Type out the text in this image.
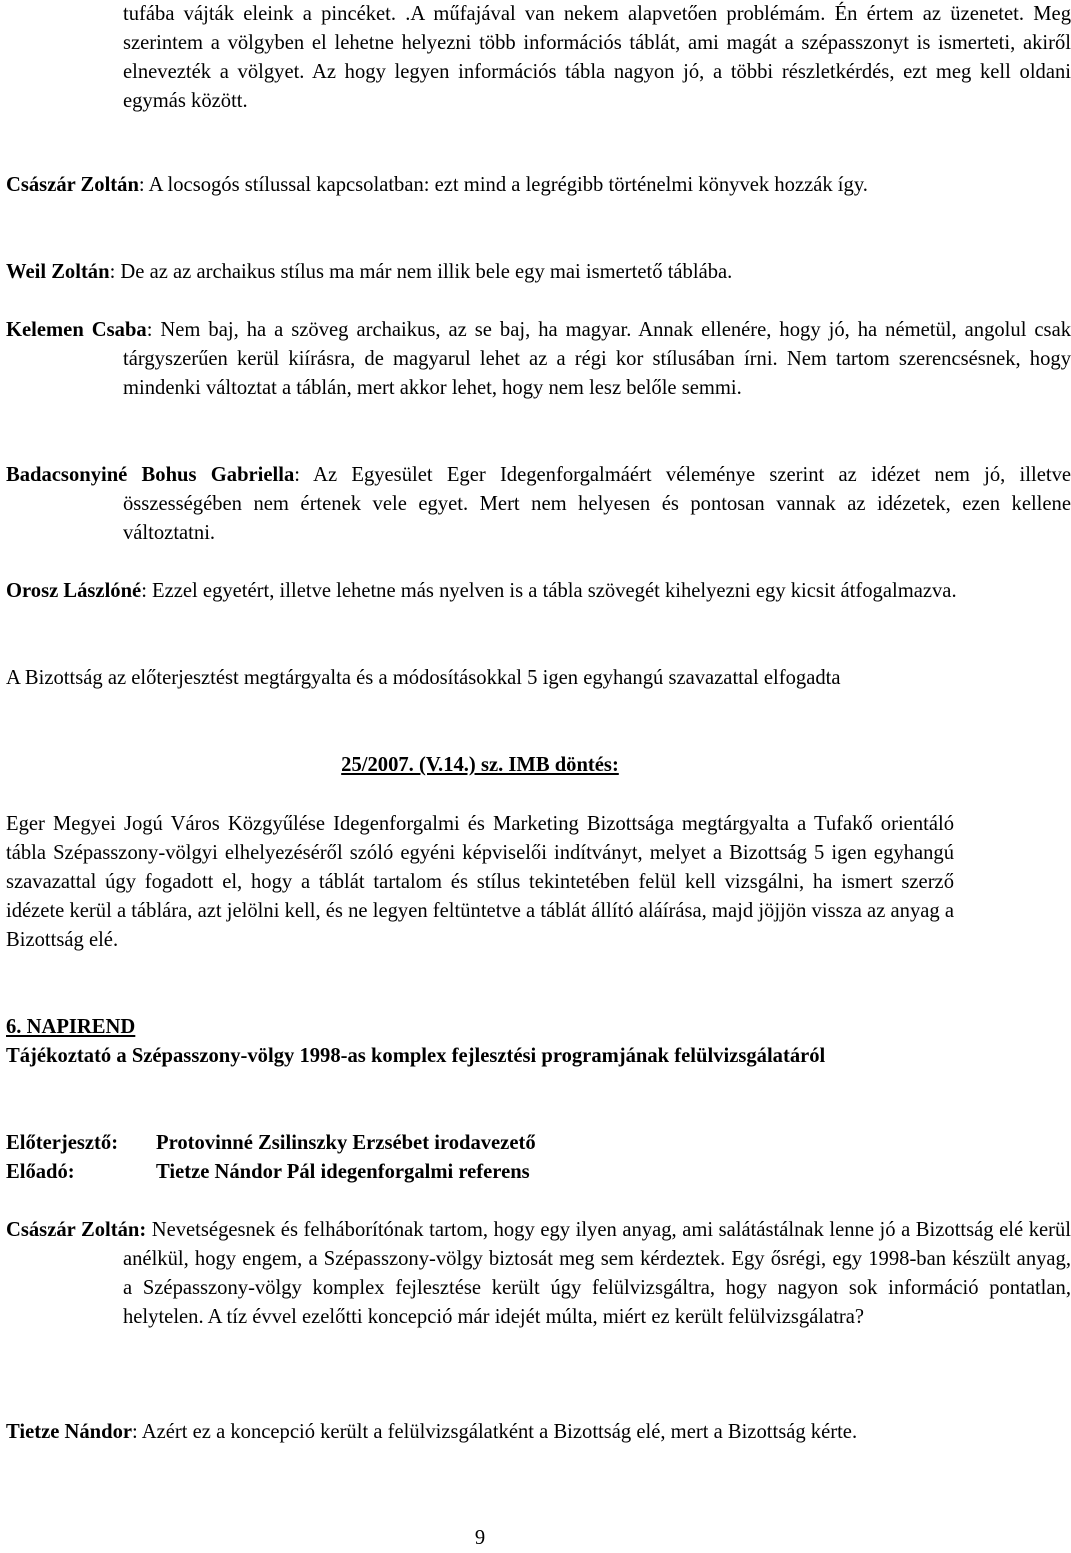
tufába vájták eleink a pincéket. .A műfajával van nekem alapvetően problémám. Én értem az üzenetet. Meg szerintem a völgyben el lehetne helyezni több információs táblát, ami magát a szépasszonyt is ismerteti, akiről elnevezték a völgyet. Az hogy legyen információs tábla nagyon jó, a többi részletkérdés, ezt meg kell oldani egymás között.

Császár Zoltán: A locsogós stílussal kapcsolatban: ezt mind a legrégibb történelmi könyvek hozzák így.

Weil Zoltán: De az az archaikus stílus ma már nem illik bele egy mai ismertető táblába.

Kelemen Csaba: Nem baj, ha a szöveg archaikus, az se baj, ha magyar. Annak ellenére, hogy jó, ha németül, angolul csak tárgyszerűen kerül kiírásra, de magyarul lehet az a régi kor stílusában írni. Nem tartom szerencsésnek, hogy mindenki változtat a táblán, mert akkor lehet, hogy nem lesz belőle semmi.

Badacsonyiné Bohus Gabriella: Az Egyesület Eger Idegenforgalmáért véleménye szerint az idézet nem jó, illetve összességében nem értenek vele egyet. Mert nem helyesen és pontosan vannak az idézetek, ezen kellene változtatni.

Orosz Lászlóné: Ezzel egyetért, illetve lehetne más nyelven is a tábla szövegét kihelyezni egy kicsit átfogalmazva.

A Bizottság az előterjesztést megtárgyalta és a módosításokkal 5 igen egyhangú szavazattal elfogadta

25/2007. (V.14.) sz. IMB döntés:

Eger Megyei Jogú Város Közgyűlése Idegenforgalmi és Marketing Bizottsága megtárgyalta a Tufakő orientáló tábla Szépasszony-völgyi elhelyezéséről szóló egyéni képviselői indítványt, melyet a Bizottság 5 igen egyhangú szavazattal úgy fogadott el, hogy a táblát tartalom és stílus tekintetében felül kell vizsgálni, ha ismert szerző idézete kerül a táblára, azt jelölni kell, és ne legyen feltüntetve a táblát állító aláírása, majd jöjjön vissza az anyag a Bizottság elé.

6. NAPIREND

Tájékoztató a Szépasszony-völgy 1998-as komplex fejlesztési programjának felülvizsgálatáról

Előterjesztő: Protovinné Zsilinszky Erzsébet irodavezető
Előadó:	Tietze Nándor Pál idegenforgalmi referens

Császár Zoltán: Nevetségesnek és felháborítónak tartom, hogy egy ilyen anyag, ami salátástálnak lenne jó a Bizottság elé kerül anélkül, hogy engem, a Szépasszony-völgy biztosát meg sem kérdeztek. Egy ősrégi, egy 1998-ban készült anyag, a Szépasszony-völgy komplex fejlesztése került úgy felülvizsgáltra, hogy nagyon sok információ pontatlan, helytelen. A tíz évvel ezelőtti koncepció már idejét múlta, miért ez került felülvizsgálatra?

Tietze Nándor: Azért ez a koncepció került a felülvizsgálatként a Bizottság elé, mert a Bizottság kérte.

9
